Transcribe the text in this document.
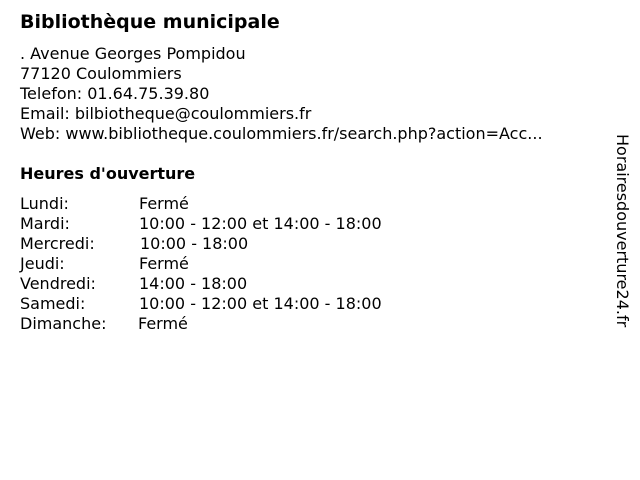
Bibliothèque municipale
. Avenue Georges Pompidou
77120 Coulommiers
Telefon: 01.64.75.39.80
Email: bilbiotheque@coulommiers.fr
Web: www.bibliotheque.coulommiers.fr/search.php?action=Acc...
Heures d'ouverture
Lundi:	Fermé
Mardi:	10:00 - 12:00 et 14:00 - 18:00
Mercredi:	10:00 - 18:00
Jeudi:	Fermé
Vendredi:	14:00 - 18:00
Samedi:	10:00 - 12:00 et 14:00 - 18:00
Dimanche: Fermé	Horairesdouverture24.fr
